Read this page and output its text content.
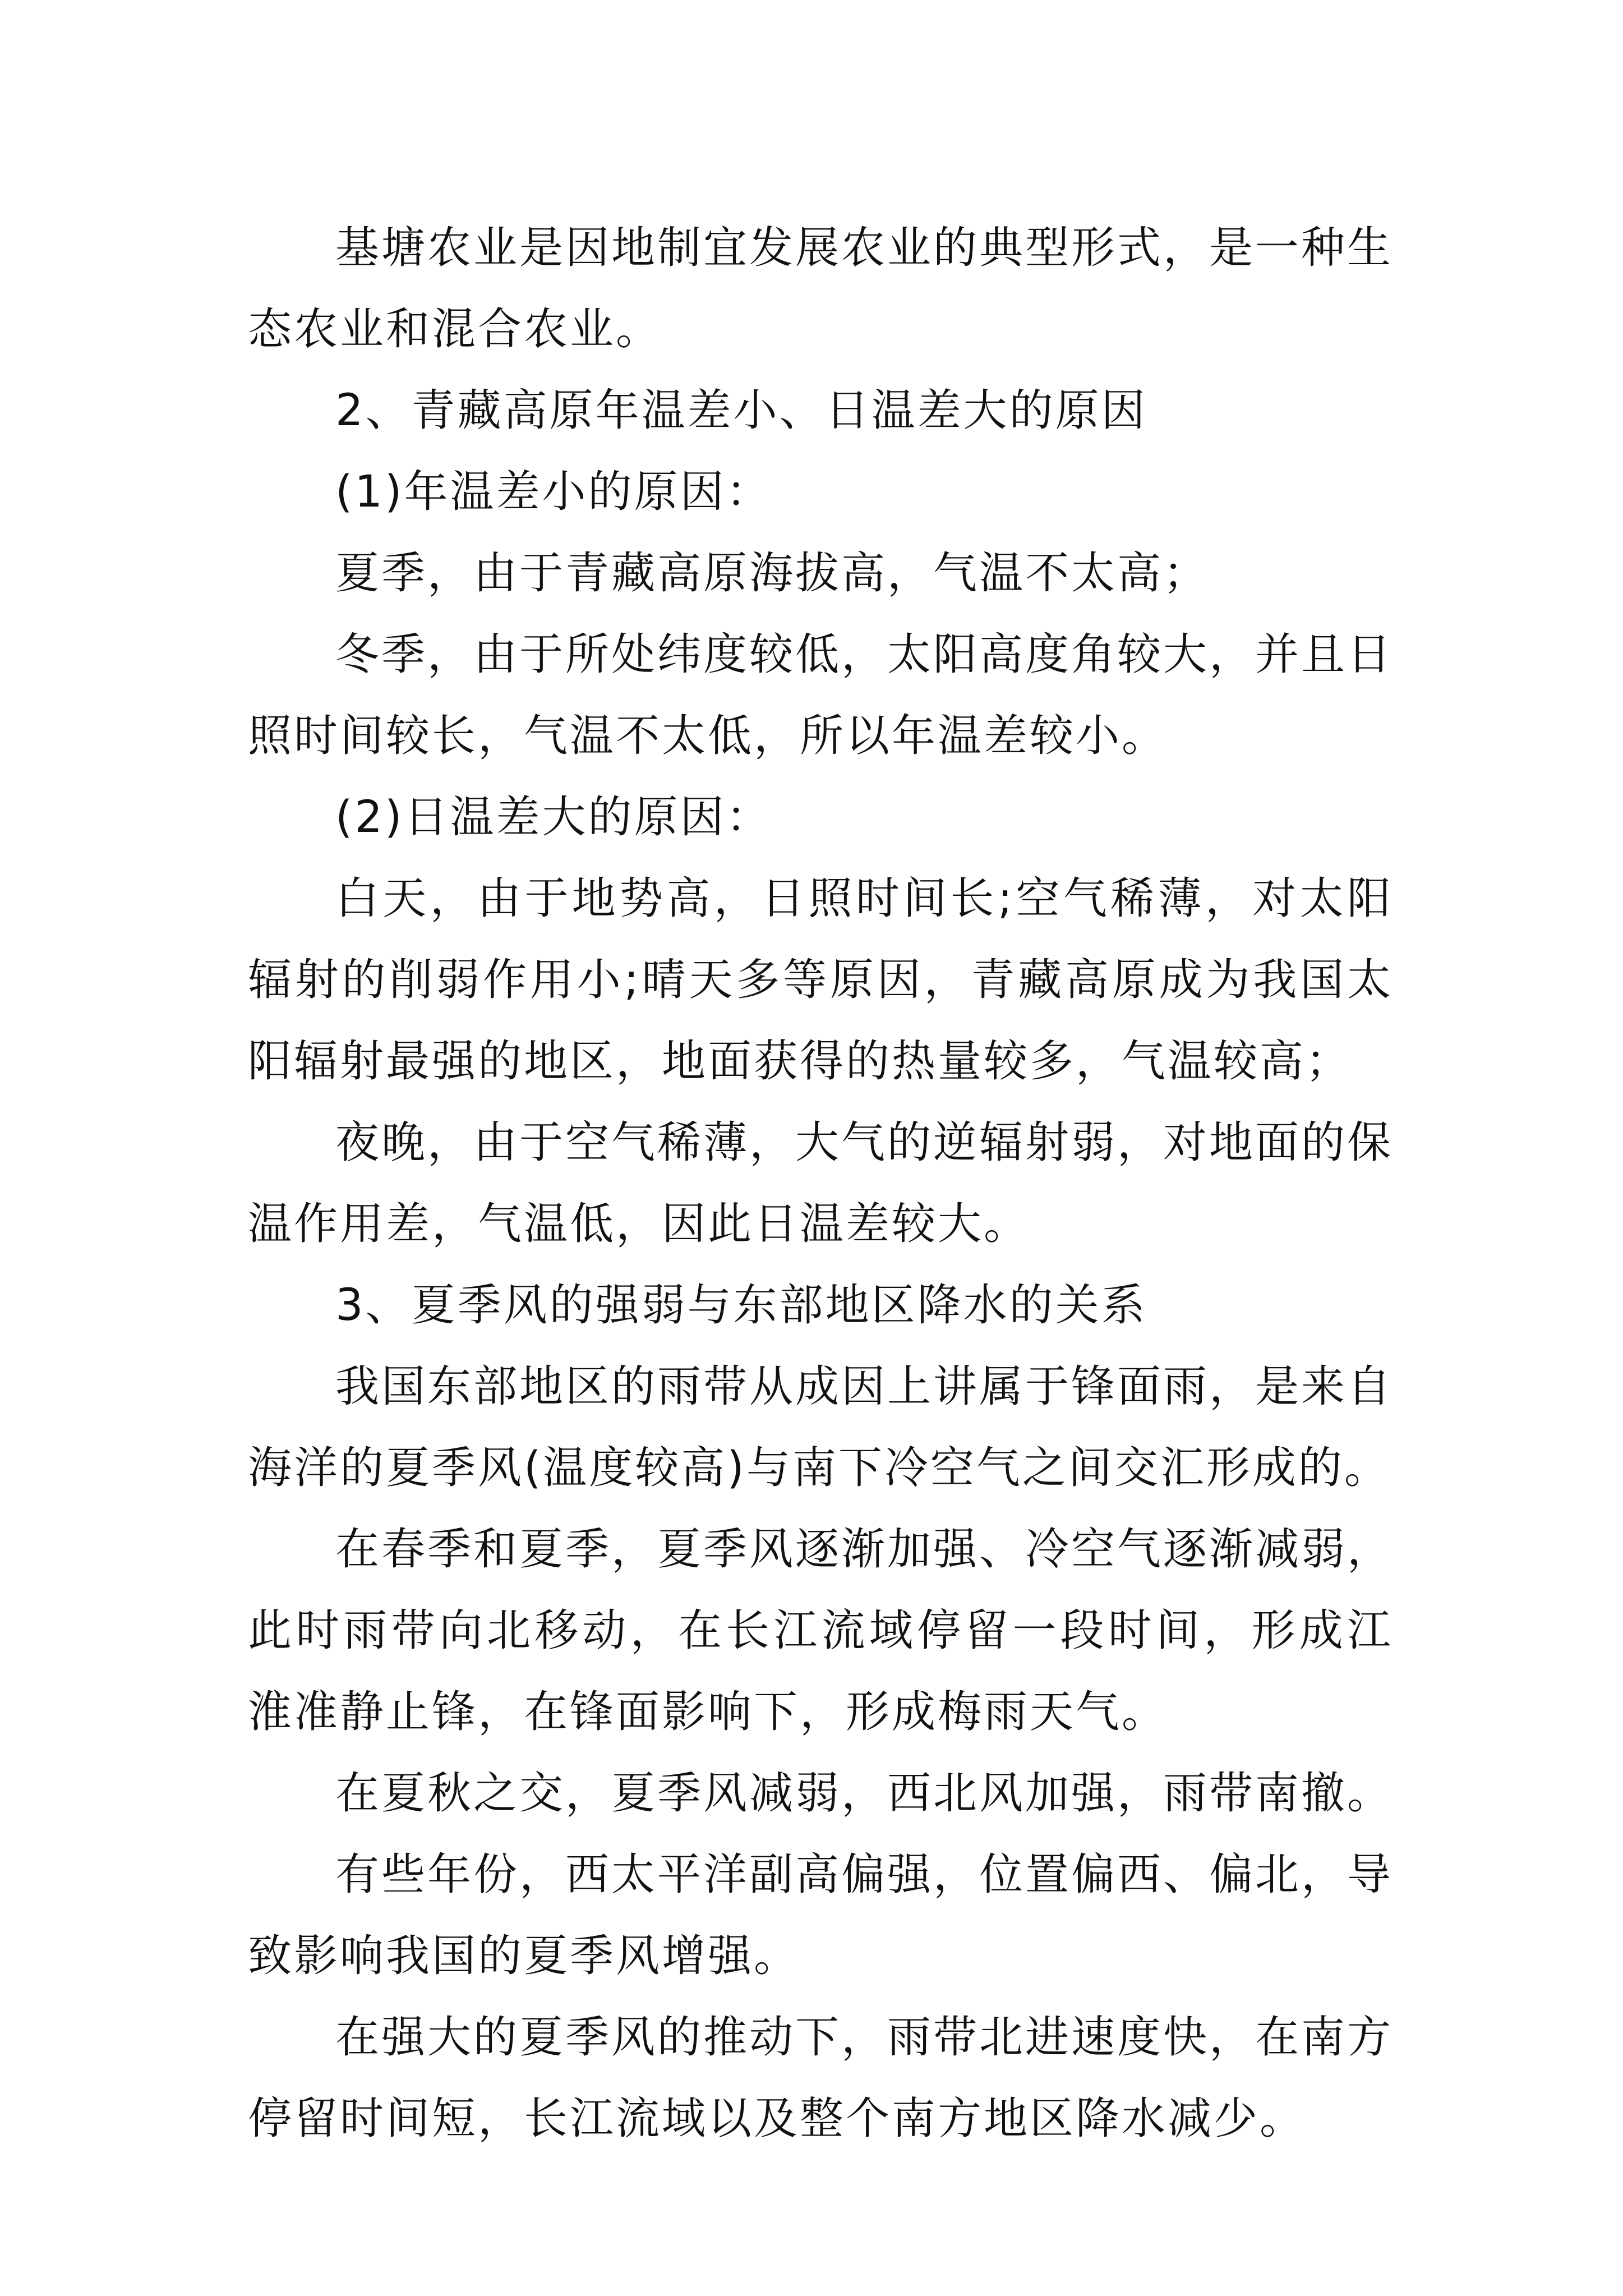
基塘农业是因地制宜发展农业的典型形式，是一种生态农业和混合农业。

2、青藏高原年温差小、日温差大的原因

(1)年温差小的原因：

夏季，由于青藏高原海拔高，气温不太高；

冬季，由于所处纬度较低，太阳高度角较大，并且日照时间较长，气温不太低，所以年温差较小。

(2)日温差大的原因：

白天，由于地势高，日照时间长;空气稀薄，对太阳辐射的削弱作用小;晴天多等原因，青藏高原成为我国太阳辐射最强的地区，地面获得的热量较多，气温较高；

夜晚，由于空气稀薄，大气的逆辐射弱，对地面的保温作用差，气温低，因此日温差较大。

3、夏季风的强弱与东部地区降水的关系

我国东部地区的雨带从成因上讲属于锋面雨，是来自海洋的夏季风(温度较高)与南下冷空气之间交汇形成的。

在春季和夏季，夏季风逐渐加强、冷空气逐渐减弱，此时雨带向北移动，在长江流域停留一段时间，形成江淮准静止锋，在锋面影响下，形成梅雨天气。

在夏秋之交，夏季风减弱，西北风加强，雨带南撤。

有些年份，西太平洋副高偏强，位置偏西、偏北，导致影响我国的夏季风增强。

在强大的夏季风的推动下，雨带北进速度快，在南方停留时间短，长江流域以及整个南方地区降水减少。
